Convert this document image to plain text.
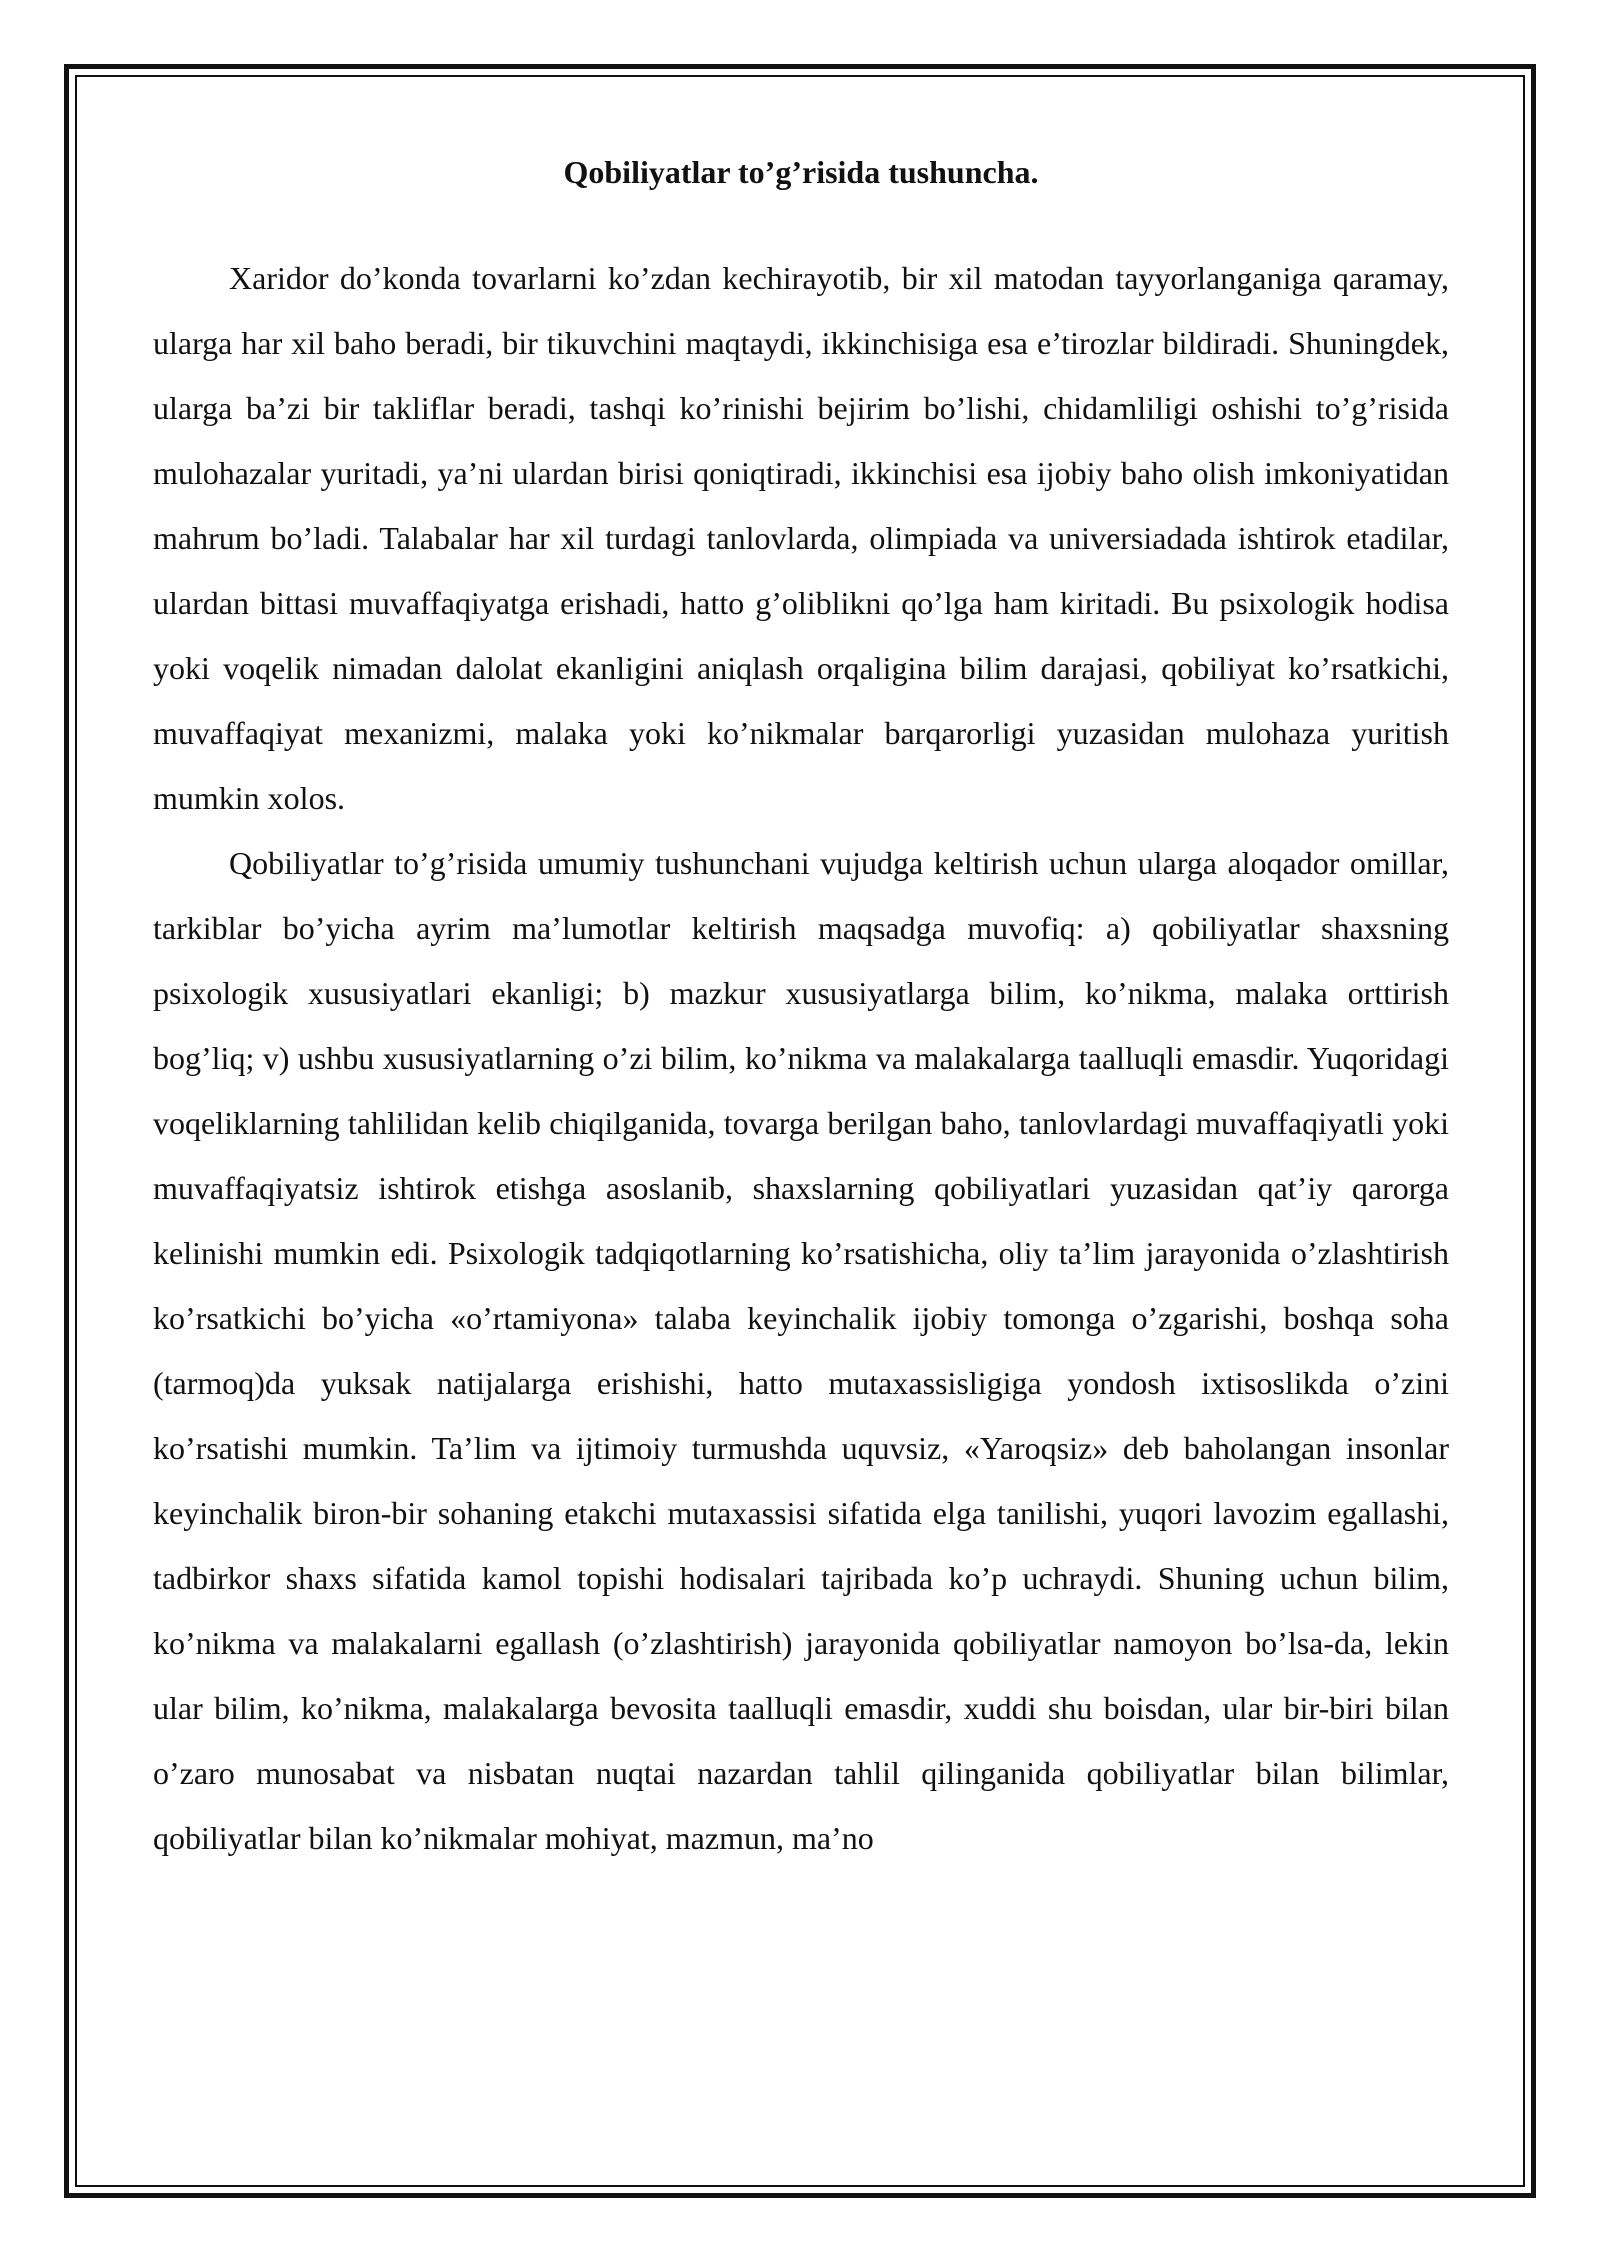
Qobiliyatlar to’g’risida tushuncha.

Xaridor do’konda tovarlarni ko’zdan kechirayotib, bir xil matodan tayyorlanganiga qaramay, ularga har xil baho beradi, bir tikuvchini maqtaydi, ikkinchisiga esa e’tirozlar bildiradi. Shuningdek, ularga ba’zi bir takliflar beradi, tashqi ko’rinishi bejirim bo’lishi, chidamliligi oshishi to’g’risida mulohazalar yuritadi, ya’ni ulardan birisi qoniqtiradi, ikkinchisi esa ijobiy baho olish imkoniyatidan mahrum bo’ladi. Talabalar har xil turdagi tanlovlarda, olimpiada va universiadada ishtirok etadilar, ulardan bittasi muvaffaqiyatga erishadi, hatto g’oliblikni qo’lga ham kiritadi. Bu psixologik hodisa yoki voqelik nimadan dalolat ekanligini aniqlash orqaligina bilim darajasi, qobiliyat ko’rsatkichi, muvaffaqiyat mexanizmi, malaka yoki ko’nikmalar barqarorligi yuzasidan mulohaza yuritish mumkin xolos.

Qobiliyatlar to’g’risida umumiy tushunchani vujudga keltirish uchun ularga aloqador omillar, tarkiblar bo’yicha ayrim ma’lumotlar keltirish maqsadga muvofiq: a) qobiliyatlar shaxsning psixologik xususiyatlari ekanligi; b) mazkur xususiyatlarga bilim, ko’nikma, malaka orttirish bog’liq; v) ushbu xususiyatlarning o’zi bilim, ko’nikma va malakalarga taalluqli emasdir. Yuqoridagi voqeliklarning tahlilidan kelib chiqilganida, tovarga berilgan baho, tanlovlardagi muvaffaqiyatli yoki muvaffaqiyatsiz ishtirok etishga asoslanib, shaxslarning qobiliyatlari yuzasidan qat’iy qarorga kelinishi mumkin edi. Psixologik tadqiqotlarning ko’rsatishicha, oliy ta’lim jarayonida o’zlashtirish ko’rsatkichi bo’yicha «o’rtamiyona» talaba keyinchalik ijobiy tomonga o’zgarishi, boshqa soha (tarmoq)da yuksak natijalarga erishishi, hatto mutaxassisligiga yondosh ixtisoslikda o’zini ko’rsatishi mumkin. Ta’lim va ijtimoiy turmushda uquvsiz, «Yaroqsiz» deb baholangan insonlar keyinchalik biron-bir sohaning etakchi mutaxassisi sifatida elga tanilishi, yuqori lavozim egallashi, tadbirkor shaxs sifatida kamol topishi hodisalari tajribada ko’p uchraydi. Shuning uchun bilim, ko’nikma va malakalarni egallash (o’zlashtirish) jarayonida qobiliyatlar namoyon bo’lsa-da, lekin ular bilim, ko’nikma, malakalarga bevosita taalluqli emasdir, xuddi shu boisdan, ular bir-biri bilan o’zaro munosabat va nisbatan nuqtai nazardan tahlil qilinganida qobiliyatlar bilan bilimlar, qobiliyatlar bilan ko’nikmalar mohiyat, mazmun, ma’no
